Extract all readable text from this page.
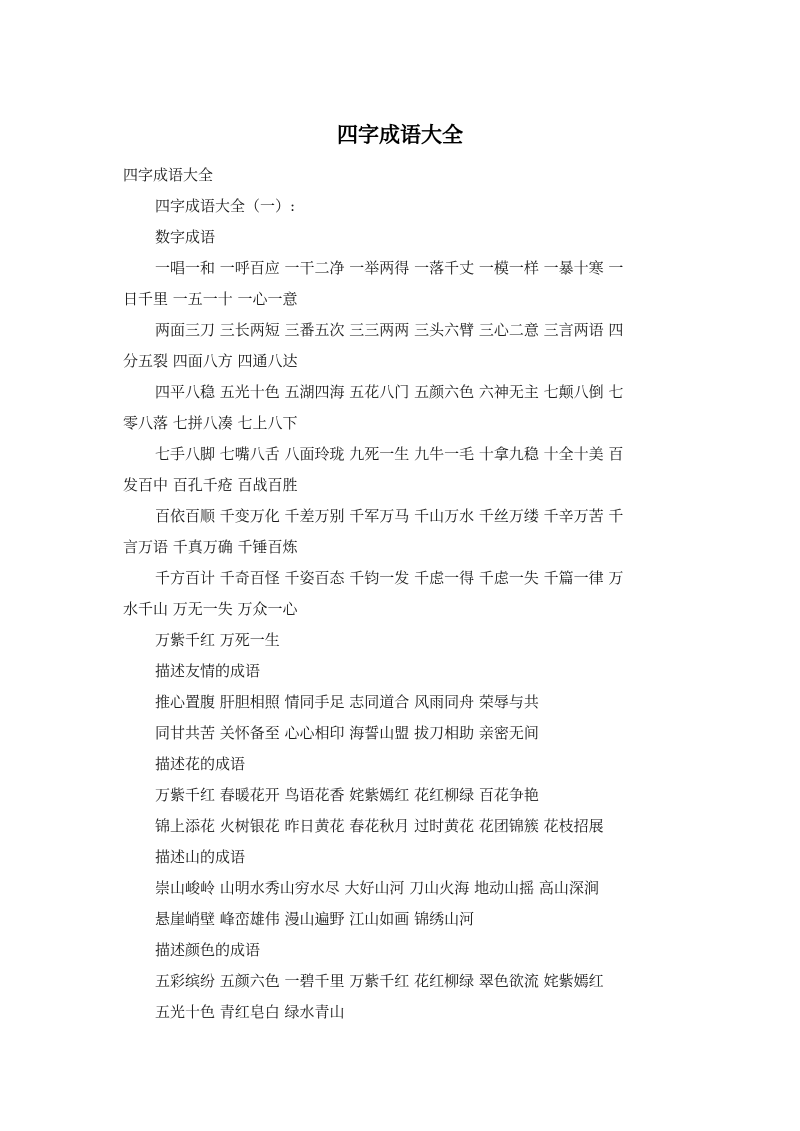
四字成语大全
四字成语大全
四字成语大全（一）:
数字成语
一唱一和 一呼百应 一干二净 一举两得 一落千丈 一模一样 一暴十寒 一
日千里 一五一十 一心一意
两面三刀 三长两短 三番五次 三三两两 三头六臂 三心二意 三言两语 四
分五裂 四面八方 四通八达
四平八稳 五光十色 五湖四海 五花八门 五颜六色 六神无主 七颠八倒 七
零八落 七拼八凑 七上八下
七手八脚 七嘴八舌 八面玲珑 九死一生 九牛一毛 十拿九稳 十全十美 百
发百中 百孔千疮 百战百胜
百依百顺 千变万化 千差万别 千军万马 千山万水 千丝万缕 千辛万苦 千
言万语 千真万确 千锤百炼
千方百计 千奇百怪 千姿百态 千钧一发 千虑一得 千虑一失 千篇一律 万
水千山 万无一失 万众一心
万紫千红 万死一生
描述友情的成语
推心置腹 肝胆相照 情同手足 志同道合 风雨同舟 荣辱与共
同甘共苦 关怀备至 心心相印 海誓山盟 拔刀相助 亲密无间
描述花的成语
万紫千红 春暖花开 鸟语花香 姹紫嫣红 花红柳绿 百花争艳
锦上添花 火树银花 昨日黄花 春花秋月 过时黄花 花团锦簇 花枝招展
描述山的成语
崇山峻岭 山明水秀山穷水尽 大好山河 刀山火海 地动山摇 高山深涧
悬崖峭壁 峰峦雄伟 漫山遍野 江山如画 锦绣山河
描述颜色的成语
五彩缤纷 五颜六色 一碧千里 万紫千红 花红柳绿 翠色欲流 姹紫嫣红
五光十色 青红皂白 绿水青山
